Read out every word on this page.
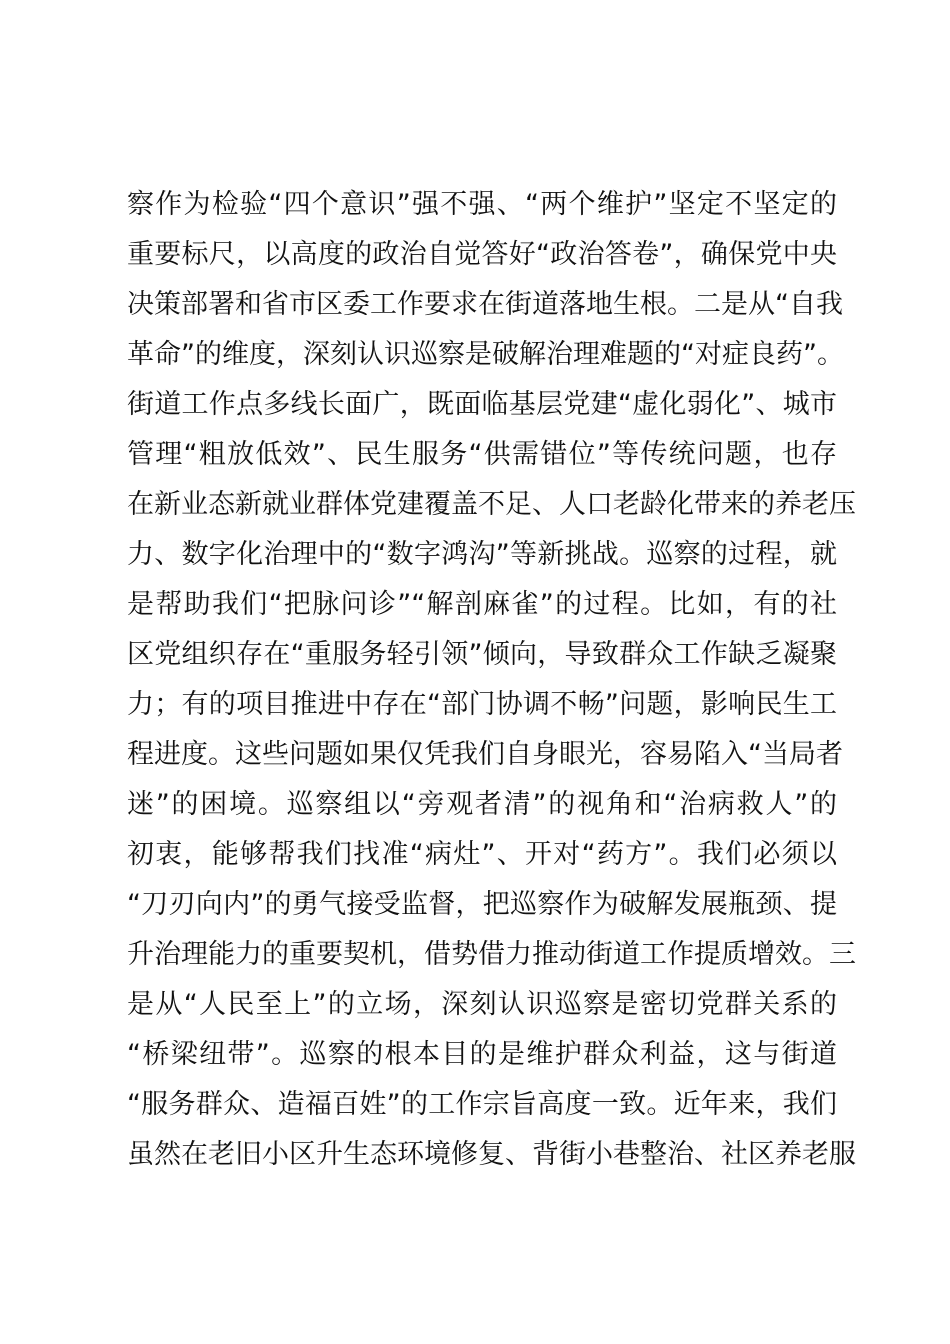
察作为检验“四个意识”强不强、“两个维护”坚定不坚定的
重要标尺，以高度的政治自觉答好“政治答卷”，确保党中央
决策部署和省市区委工作要求在街道落地生根。二是从“自我
革命”的维度，深刻认识巡察是破解治理难题的“对症良药”。
街道工作点多线长面广，既面临基层党建“虚化弱化”、城市
管理“粗放低效”、民生服务“供需错位”等传统问题，也存
在新业态新就业群体党建覆盖不足、人口老龄化带来的养老压
力、数字化治理中的“数字鸿沟”等新挑战。巡察的过程，就
是帮助我们“把脉问诊”“解剖麻雀”的过程。比如，有的社
区党组织存在“重服务轻引领”倾向，导致群众工作缺乏凝聚
力；有的项目推进中存在“部门协调不畅”问题，影响民生工
程进度。这些问题如果仅凭我们自身眼光，容易陷入“当局者
迷”的困境。巡察组以“旁观者清”的视角和“治病救人”的
初衷，能够帮我们找准“病灶”、开对“药方”。我们必须以
“刀刃向内”的勇气接受监督，把巡察作为破解发展瓶颈、提
升治理能力的重要契机，借势借力推动街道工作提质增效。三
是从“人民至上”的立场，深刻认识巡察是密切党群关系的
“桥梁纽带”。巡察的根本目的是维护群众利益，这与街道
“服务群众、造福百姓”的工作宗旨高度一致。近年来，我们
虽然在老旧小区升生态环境修复、背街小巷整治、社区养老服
